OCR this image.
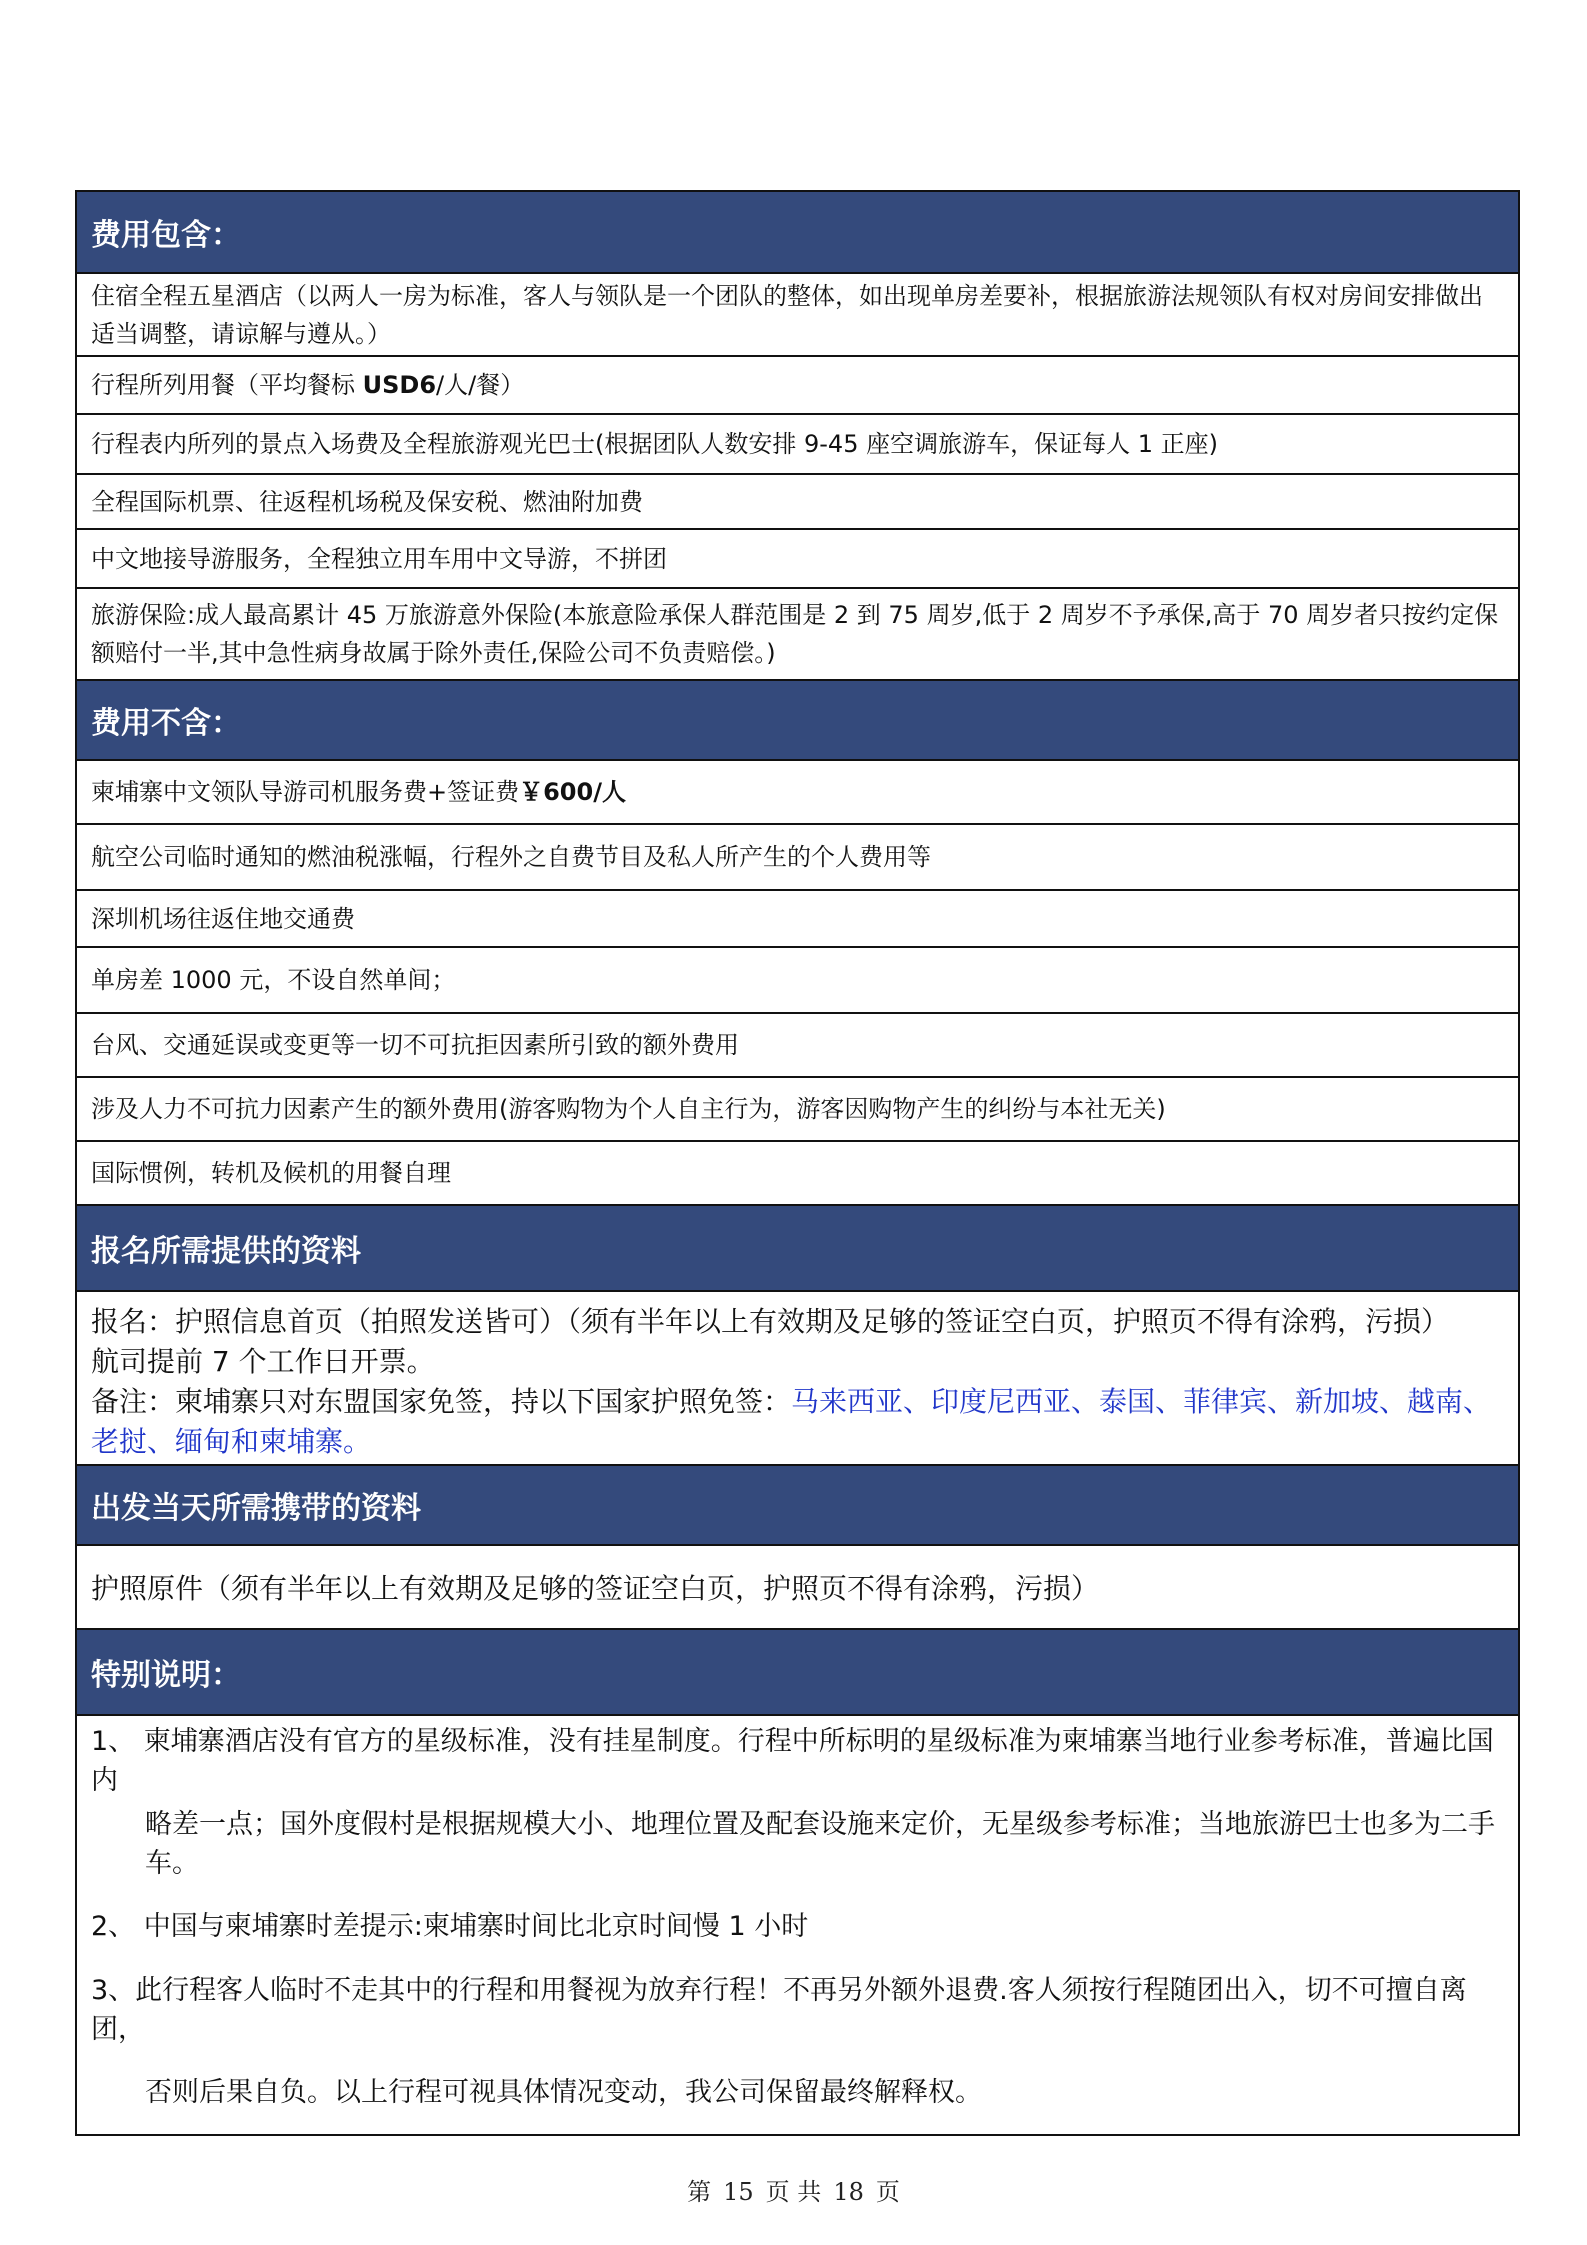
费用包含：
住宿全程五星酒店（以两人一房为标准，客人与领队是一个团队的整体，如出现单房差要补，根据旅游法规领队有权对房间安排做出适当调整，请谅解与遵从。）
行程所列用餐（平均餐标 USD6/人/餐）
行程表内所列的景点入场费及全程旅游观光巴士(根据团队人数安排 9-45 座空调旅游车，保证每人 1 正座)
全程国际机票、往返程机场税及保安税、燃油附加费
中文地接导游服务，全程独立用车用中文导游，不拼团
旅游保险:成人最高累计 45 万旅游意外保险(本旅意险承保人群范围是 2 到 75 周岁,低于 2 周岁不予承保,高于 70 周岁者只按约定保额赔付一半,其中急性病身故属于除外责任,保险公司不负责赔偿。)
费用不含：
柬埔寨中文领队导游司机服务费+签证费￥600/人
航空公司临时通知的燃油税涨幅，行程外之自费节目及私人所产生的个人费用等
深圳机场往返住地交通费
单房差 1000 元，不设自然单间；
台风、交通延误或变更等一切不可抗拒因素所引致的额外费用
涉及人力不可抗力因素产生的额外费用(游客购物为个人自主行为，游客因购物产生的纠纷与本社无关)
国际惯例，转机及候机的用餐自理
报名所需提供的资料
报名：护照信息首页（拍照发送皆可）（须有半年以上有效期及足够的签证空白页，护照页不得有涂鸦，污损）
航司提前 7 个工作日开票。
备注：柬埔寨只对东盟国家免签，持以下国家护照免签：马来西亚、印度尼西亚、泰国、菲律宾、新加坡、越南、老挝、缅甸和柬埔寨。
出发当天所需携带的资料
护照原件（须有半年以上有效期及足够的签证空白页，护照页不得有涂鸦，污损）
特别说明：
1、 柬埔寨酒店没有官方的星级标准，没有挂星制度。行程中所标明的星级标准为柬埔寨当地行业参考标准，普遍比国内
略差一点；国外度假村是根据规模大小、地理位置及配套设施来定价，无星级参考标准；当地旅游巴士也多为二手车。
2、 中国与柬埔寨时差提示:柬埔寨时间比北京时间慢 1 小时
3、此行程客人临时不走其中的行程和用餐视为放弃行程！不再另外额外退费.客人须按行程随团出入，切不可擅自离团，
否则后果自负。以上行程可视具体情况变动，我公司保留最终解释权。
第 15 页 共 18 页
